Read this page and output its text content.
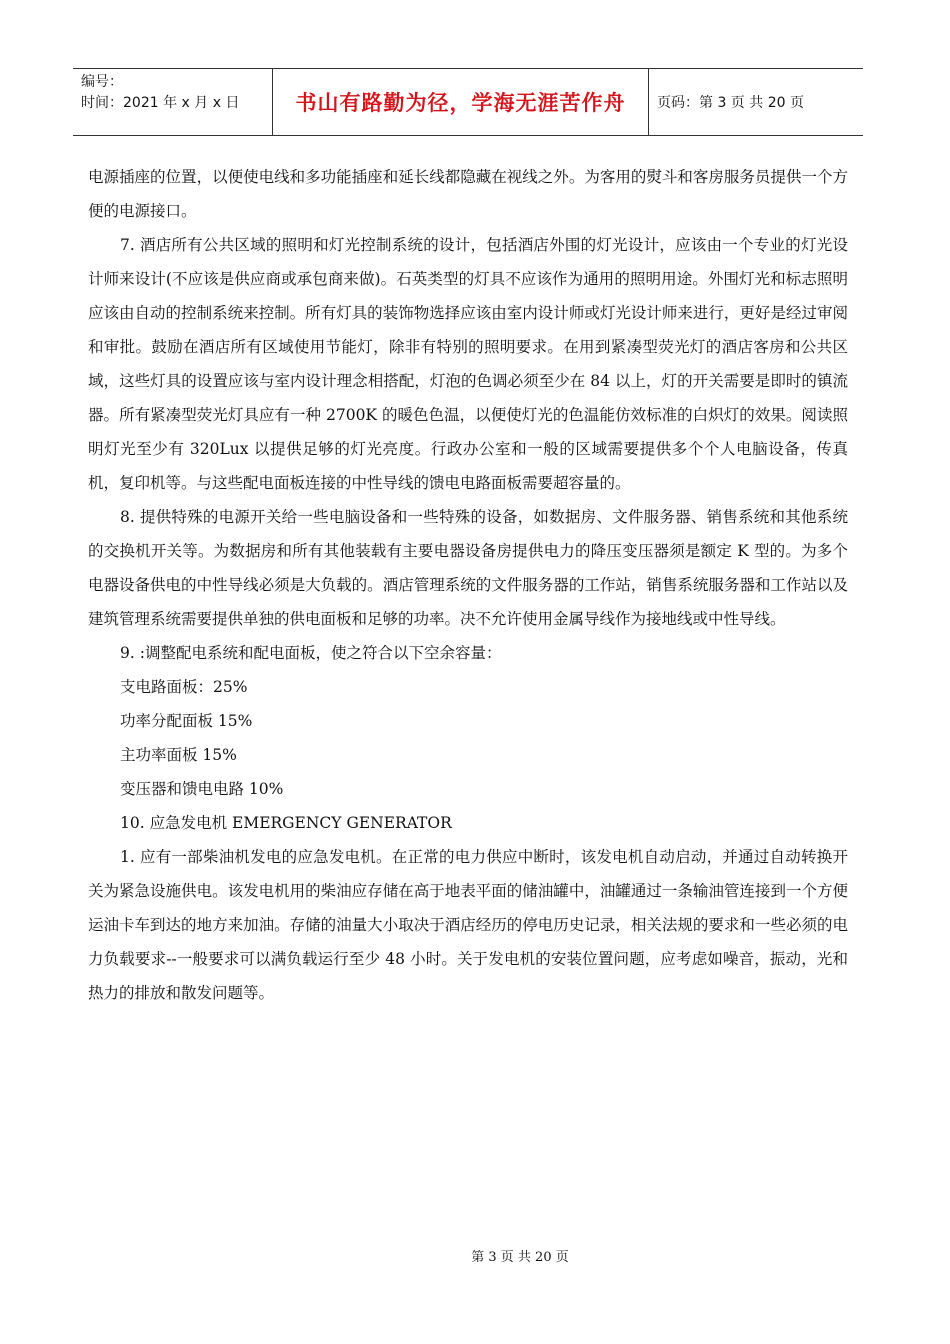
编号：
时间：2021 年 x 月 x 日	书山有路勤为径，学海无涯苦作舟	页码：第 3 页 共 20 页

电源插座的位置，以便使电线和多功能插座和延长线都隐藏在视线之外。为客用的熨斗和客房服务员提供一个方便的电源接口。

7. 酒店所有公共区域的照明和灯光控制系统的设计，包括酒店外围的灯光设计，应该由一个专业的灯光设计师来设计(不应该是供应商或承包商来做)。石英类型的灯具不应该作为通用的照明用途。外围灯光和标志照明应该由自动的控制系统来控制。所有灯具的装饰物选择应该由室内设计师或灯光设计师来进行，更好是经过审阅和审批。鼓励在酒店所有区域使用节能灯，除非有特别的照明要求。在用到紧凑型荧光灯的酒店客房和公共区域，这些灯具的设置应该与室内设计理念相搭配，灯泡的色调必须至少在 84 以上，灯的开关需要是即时的镇流器。所有紧凑型荧光灯具应有一种 2700K 的暖色色温，以便使灯光的色温能仿效标准的白炽灯的效果。阅读照明灯光至少有 320Lux 以提供足够的灯光亮度。行政办公室和一般的区域需要提供多个个人电脑设备，传真机，复印机等。与这些配电面板连接的中性导线的馈电电路面板需要超容量的。

8. 提供特殊的电源开关给一些电脑设备和一些特殊的设备，如数据房、文件服务器、销售系统和其他系统的交换机开关等。为数据房和所有其他装载有主要电器设备房提供电力的降压变压器须是额定 K 型的。为多个电器设备供电的中性导线必须是大负载的。酒店管理系统的文件服务器的工作站，销售系统服务器和工作站以及建筑管理系统需要提供单独的供电面板和足够的功率。决不允许使用金属导线作为接地线或中性导线。

9. :调整配电系统和配电面板，使之符合以下空余容量：

支电路面板：25%

功率分配面板 15%

主功率面板 15%

变压器和馈电电路 10%

10. 应急发电机 EMERGENCY GENERATOR

1. 应有一部柴油机发电的应急发电机。在正常的电力供应中断时，该发电机自动启动，并通过自动转换开关为紧急设施供电。该发电机用的柴油应存储在高于地表平面的储油罐中，油罐通过一条输油管连接到一个方便运油卡车到达的地方来加油。存储的油量大小取决于酒店经历的停电历史记录，相关法规的要求和一些必须的电力负载要求--一般要求可以满负载运行至少 48 小时。关于发电机的安装位置问题，应考虑如噪音，振动，光和热力的排放和散发问题等。

第 3 页 共 20 页
